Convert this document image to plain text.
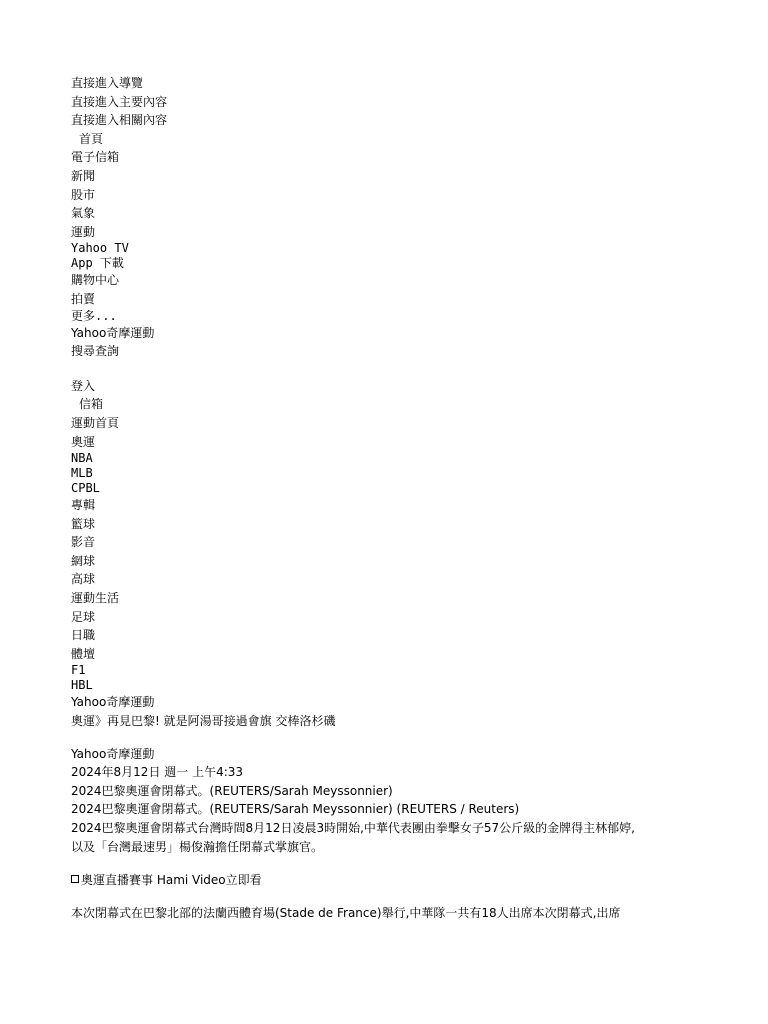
直接進入導覽
直接進入主要內容
直接進入相關內容
首頁
電子信箱
新聞
股市
氣象
運動
Yahoo TV
App 下載
購物中心
拍賣
更多...
Yahoo奇摩運動
搜尋查詢
登入
信箱
運動首頁
奧運
NBA
MLB
CPBL
專輯
籃球
影音
網球
高球
運動生活
足球
日職
體壇
F1
HBL
Yahoo奇摩運動
奧運》再見巴黎! 就是阿湯哥接過會旗 交棒洛杉磯
Yahoo奇摩運動
2024年8月12日 週一 上午4:33
2024巴黎奧運會閉幕式。(REUTERS/Sarah Meyssonnier)
2024巴黎奧運會閉幕式。(REUTERS/Sarah Meyssonnier) (REUTERS / Reuters)
2024巴黎奧運會閉幕式台灣時間8月12日凌晨3時開始,中華代表團由拳擊女子57公斤級的金牌得主林郁婷,
以及「台灣最速男」楊俊瀚擔任閉幕式掌旗官。
奧運直播賽事 Hami Video立即看
本次閉幕式在巴黎北部的法蘭西體育場(Stade de France)舉行,中華隊一共有18人出席本次閉幕式,出席
